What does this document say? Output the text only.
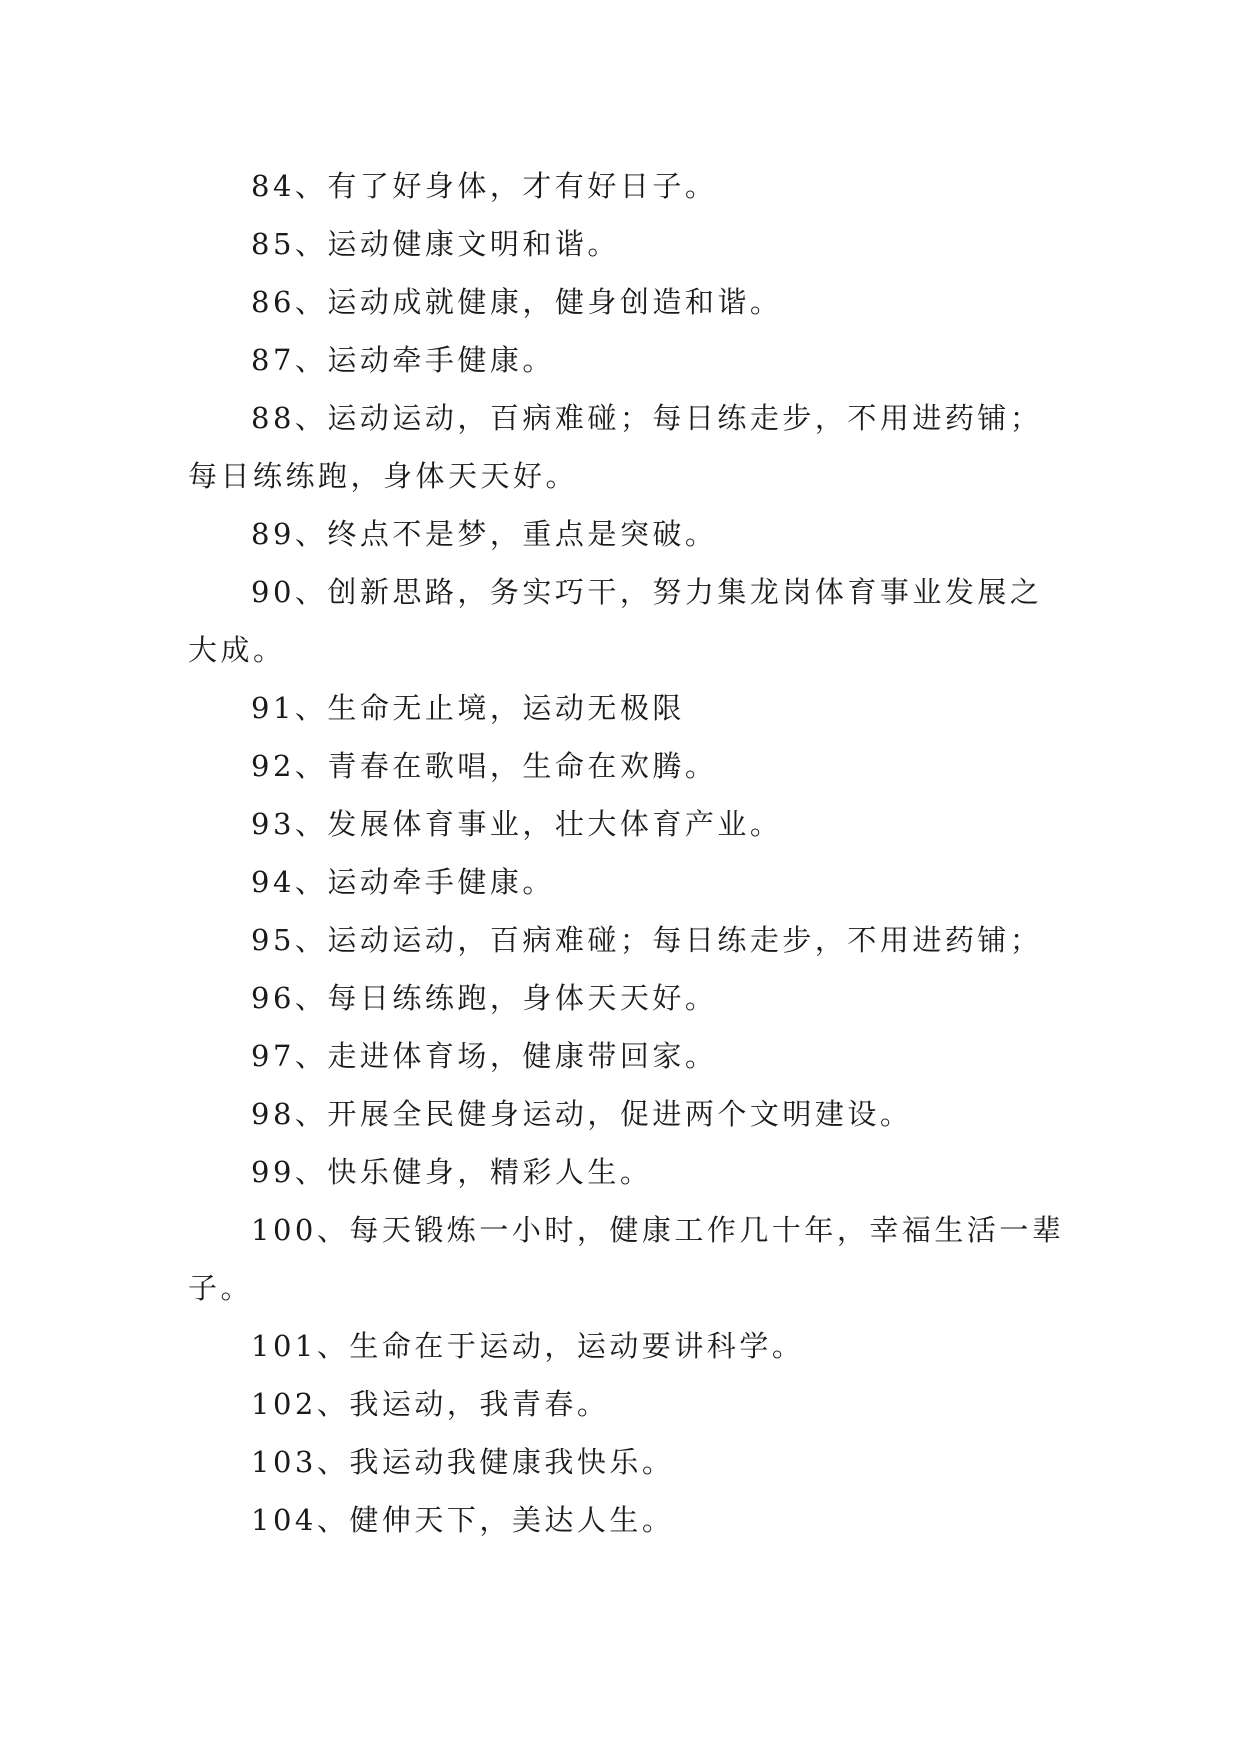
84、有了好身体，才有好日子。

85、运动健康文明和谐。

86、运动成就健康，健身创造和谐。

87、运动牵手健康。

88、运动运动，百病难碰；每日练走步，不用进药铺；每日练练跑，身体天天好。

89、终点不是梦，重点是突破。

90、创新思路，务实巧干，努力集龙岗体育事业发展之大成。

91、生命无止境，运动无极限

92、青春在歌唱，生命在欢腾。

93、发展体育事业，壮大体育产业。

94、运动牵手健康。

95、运动运动，百病难碰；每日练走步，不用进药铺；

96、每日练练跑，身体天天好。

97、走进体育场，健康带回家。

98、开展全民健身运动，促进两个文明建设。

99、快乐健身，精彩人生。

100、每天锻炼一小时，健康工作几十年，幸福生活一辈子。

101、生命在于运动，运动要讲科学。

102、我运动，我青春。

103、我运动我健康我快乐。

104、健伸天下，美达人生。
